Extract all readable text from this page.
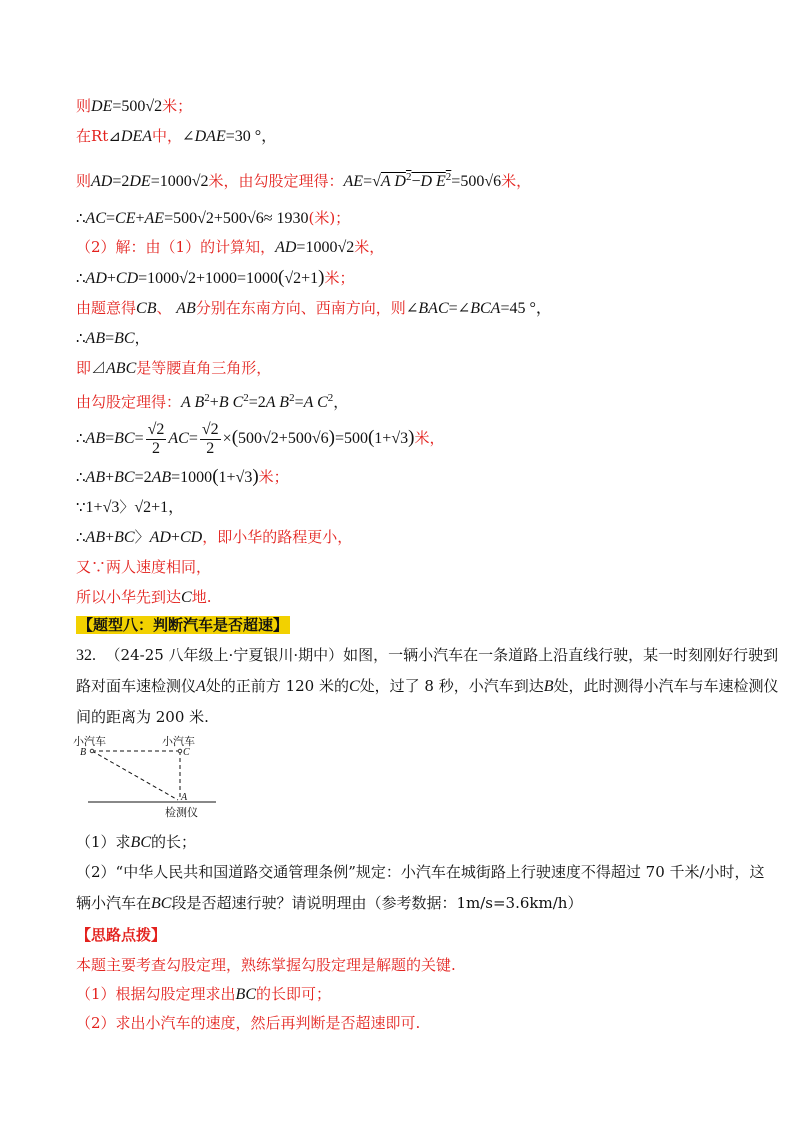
则DE=500√2米；
在Rt⊿DEA中，∠DAE=30 °，
则AD=2DE=1000√2米，由勾股定理得：AE=√A $D^2-D$ $E^2=500√6$米，
∴AC=CE+AE=500√2+500√6≈ 1930(米)；
（2）解：由（1）的计算知，AD=1000√2米，
∴AD+CD=1000√2+1000=1000(√2+1)米；
由题意得CB、 AB分别在东南方向、西南方向，则∠BAC=∠BCA=45 °，
∴AB=BC，
即⊿ABC是等腰直角三角形，
由勾股定理得：A $B^2+B$ $C^2=2A$ $B^2=A$ $C^2$，
∴AB=BC= $\frac{√2}{2} AC= \frac{√2}{2} \times(500√2+500√6)=500(1+√3)$米，
∴AB+BC=2AB=1000(1+√3)米；
∵1+√3〉√2+1，
∴AB+BC〉AD+CD，即小华的路程更小，
又∵两人速度相同，
所以小华先到达C地.
【题型八：判断汽车是否超速】
32. （24-25 八年级上·宁夏银川·期中）如图，一辆小汽车在一条道路上沿直线行驶，某一时刻刚好行驶到
路对面车速检测仪A处的正前方 120 米的C处，过了 8 秒，小汽车到达B处，此时测得小汽车与车速检测仪
间的距离为 200 米.
小汽车	小汽车
B	C
A
检测仪
（1）求BC的长；
（2）“中华人民共和国道路交通管理条例”规定：小汽车在城街路上行驶速度不得超过 70 千米/小时，这
辆小汽车在BC段是否超速行驶？请说明理由（参考数据：1m/s=3.6km/h）
【思路点拨】
本题主要考查勾股定理，熟练掌握勾股定理是解题的关键.
（1）根据勾股定理求出BC的长即可；
（2）求出小汽车的速度，然后再判断是否超速即可.
